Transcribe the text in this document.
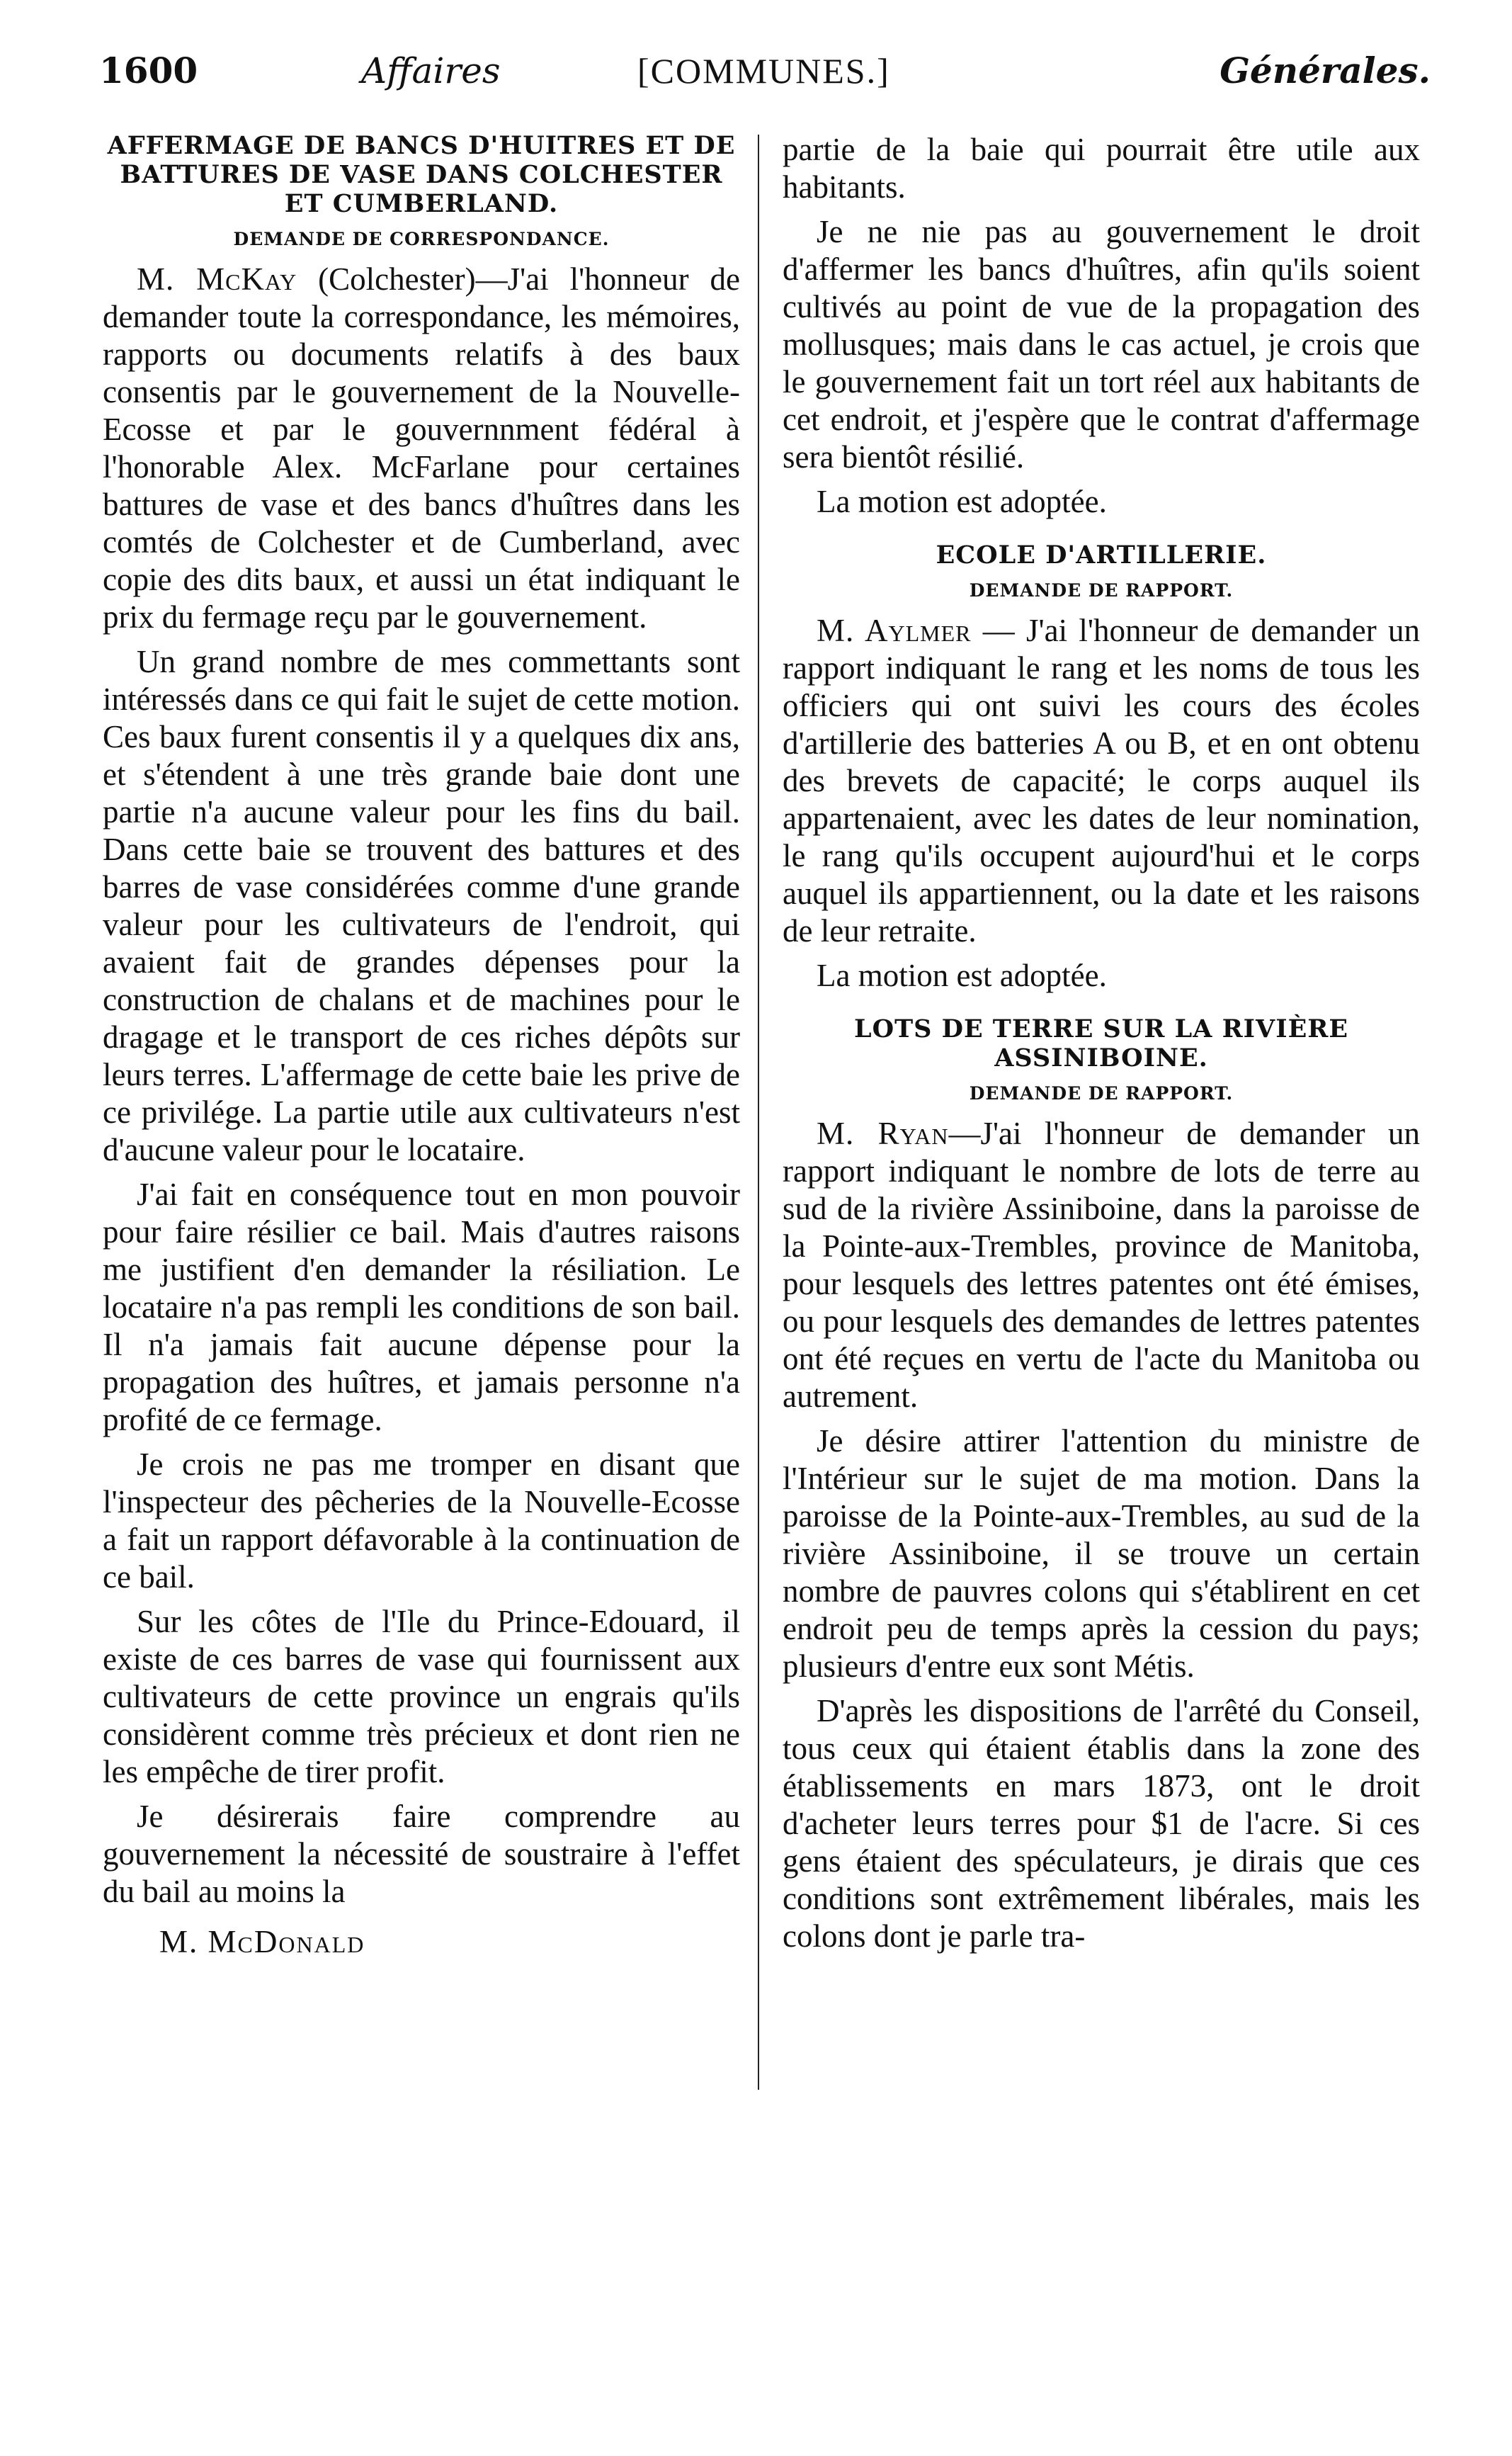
1600	Affaires	[COMMUNES.]	Générales.
AFFERMAGE DE BANCS D'HUITRES ET DE BATTURES DE VASE DANS COLCHESTER ET CUMBERLAND.
DEMANDE DE CORRESPONDANCE.

M. McKay (Colchester)—J'ai l'honneur de demander toute la correspondance, les mémoires, rapports ou documents relatifs à des baux consentis par le gouvernement de la Nouvelle-Ecosse et par le gouvernnment fédéral à l'honorable Alex. McFarlane pour certaines battures de vase et des bancs d'huîtres dans les comtés de Colchester et de Cumberland, avec copie des dits baux, et aussi un état indiquant le prix du fermage reçu par le gouvernement.

Un grand nombre de mes commettants sont intéressés dans ce qui fait le sujet de cette motion. Ces baux furent consentis il y a quelques dix ans, et s'étendent à une très grande baie dont une partie n'a aucune valeur pour les fins du bail. Dans cette baie se trouvent des battures et des barres de vase considérées comme d'une grande valeur pour les cultivateurs de l'endroit, qui avaient fait de grandes dépenses pour la construction de chalans et de machines pour le dragage et le transport de ces riches dépôts sur leurs terres. L'affermage de cette baie les prive de ce privilége. La partie utile aux cultivateurs n'est d'aucune valeur pour le locataire.

J'ai fait en conséquence tout en mon pouvoir pour faire résilier ce bail. Mais d'autres raisons me justifient d'en demander la résiliation. Le locataire n'a pas rempli les conditions de son bail. Il n'a jamais fait aucune dépense pour la propagation des huîtres, et jamais personne n'a profité de ce fermage.

Je crois ne pas me tromper en disant que l'inspecteur des pêcheries de la Nouvelle-Ecosse a fait un rapport défavorable à la continuation de ce bail.

Sur les côtes de l'Ile du Prince-Edouard, il existe de ces barres de vase qui fournissent aux cultivateurs de cette province un engrais qu'ils considèrent comme très précieux et dont rien ne les empêche de tirer profit.

Je désirerais faire comprendre au gouvernement la nécessité de soustraire à l'effet du bail au moins la

M. McDonald

partie de la baie qui pourrait être utile aux habitants.

Je ne nie pas au gouvernement le droit d'affermer les bancs d'huîtres, afin qu'ils soient cultivés au point de vue de la propagation des mollusques; mais dans le cas actuel, je crois que le gouvernement fait un tort réel aux habitants de cet endroit, et j'espère que le contrat d'affermage sera bientôt résilié.

La motion est adoptée.

ECOLE D'ARTILLERIE.
DEMANDE DE RAPPORT.

M. Aylmer — J'ai l'honneur de demander un rapport indiquant le rang et les noms de tous les officiers qui ont suivi les cours des écoles d'artillerie des batteries A ou B, et en ont obtenu des brevets de capacité; le corps auquel ils appartenaient, avec les dates de leur nomination, le rang qu'ils occupent aujourd'hui et le corps auquel ils appartiennent, ou la date et les raisons de leur retraite.

La motion est adoptée.

LOTS DE TERRE SUR LA RIVIÈRE ASSINIBOINE.
DEMANDE DE RAPPORT.

M. Ryan—J'ai l'honneur de demander un rapport indiquant le nombre de lots de terre au sud de la rivière Assiniboine, dans la paroisse de la Pointe-aux-Trembles, province de Manitoba, pour lesquels des lettres patentes ont été émises, ou pour lesquels des demandes de lettres patentes ont été reçues en vertu de l'acte du Manitoba ou autrement.

Je désire attirer l'attention du ministre de l'Intérieur sur le sujet de ma motion. Dans la paroisse de la Pointe-aux-Trembles, au sud de la rivière Assiniboine, il se trouve un certain nombre de pauvres colons qui s'établirent en cet endroit peu de temps après la cession du pays; plusieurs d'entre eux sont Métis.

D'après les dispositions de l'arrêté du Conseil, tous ceux qui étaient établis dans la zone des établissements en mars 1873, ont le droit d'acheter leurs terres pour $1 de l'acre. Si ces gens étaient des spéculateurs, je dirais que ces conditions sont extrêmement libérales, mais les colons dont je parle tra-
